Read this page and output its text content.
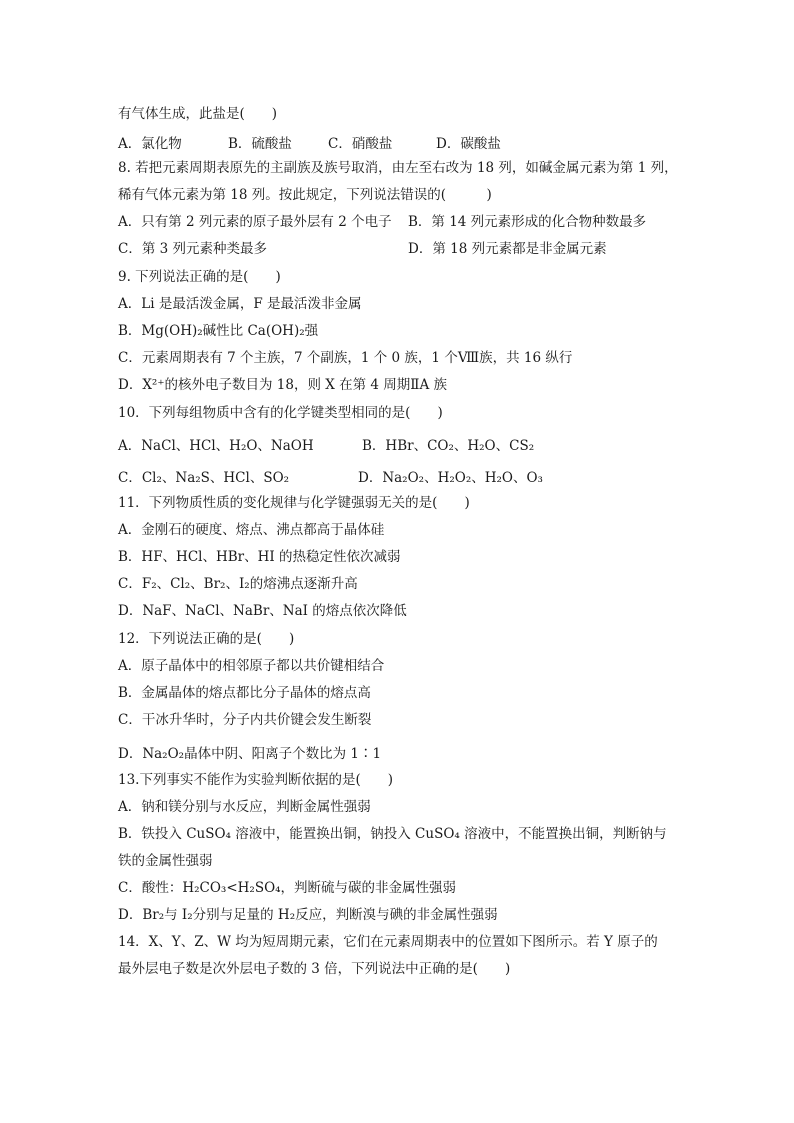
有气体生成，此盐是(　　)
A．氯化物	B．硫酸盐	C．硝酸盐	D．碳酸盐
8. 若把元素周期表原先的主副族及族号取消，由左至右改为 18 列，如碱金属元素为第 1 列，
稀有气体元素为第 18 列。按此规定，下列说法错误的(　　　)
A．只有第 2 列元素的原子最外层有 2 个电子 B．第 14 列元素形成的化合物种数最多
C．第 3 列元素种类最多	D．第 18 列元素都是非金属元素
9. 下列说法正确的是(　　)
A．Li 是最活泼金属，F 是最活泼非金属
B．Mg(OH)₂碱性比 Ca(OH)₂强
C．元素周期表有 7 个主族，7 个副族，1 个 0 族，1 个Ⅷ族，共 16 纵行
D．X²⁺的核外电子数目为 18，则 X 在第 4 周期ⅡA 族
10．下列每组物质中含有的化学键类型相同的是(　　)
A．NaCl、HCl、H₂O、NaOH	B．HBr、CO₂、H₂O、CS₂
C．Cl₂、Na₂S、HCl、SO₂	D．Na₂O₂、H₂O₂、H₂O、O₃
11．下列物质性质的变化规律与化学键强弱无关的是(　　)
A．金刚石的硬度、熔点、沸点都高于晶体硅
B．HF、HCl、HBr、HI 的热稳定性依次减弱
C．F₂、Cl₂、Br₂、I₂的熔沸点逐渐升高
D．NaF、NaCl、NaBr、NaI 的熔点依次降低
12．下列说法正确的是(　　)
A．原子晶体中的相邻原子都以共价键相结合
B．金属晶体的熔点都比分子晶体的熔点高
C．干冰升华时，分子内共价键会发生断裂
D．Na₂O₂晶体中阴、阳离子个数比为 1∶1
13.下列事实不能作为实验判断依据的是(　　)
A．钠和镁分别与水反应，判断金属性强弱
B．铁投入 CuSO₄ 溶液中，能置换出铜，钠投入 CuSO₄ 溶液中，不能置换出铜，判断钠与
铁的金属性强弱
C．酸性：H₂CO₃<H₂SO₄，判断硫与碳的非金属性强弱
D．Br₂与 I₂分别与足量的 H₂反应，判断溴与碘的非金属性强弱
14．X、Y、Z、W 均为短周期元素，它们在元素周期表中的位置如下图所示。若 Y 原子的
最外层电子数是次外层电子数的 3 倍，下列说法中正确的是(　　)
